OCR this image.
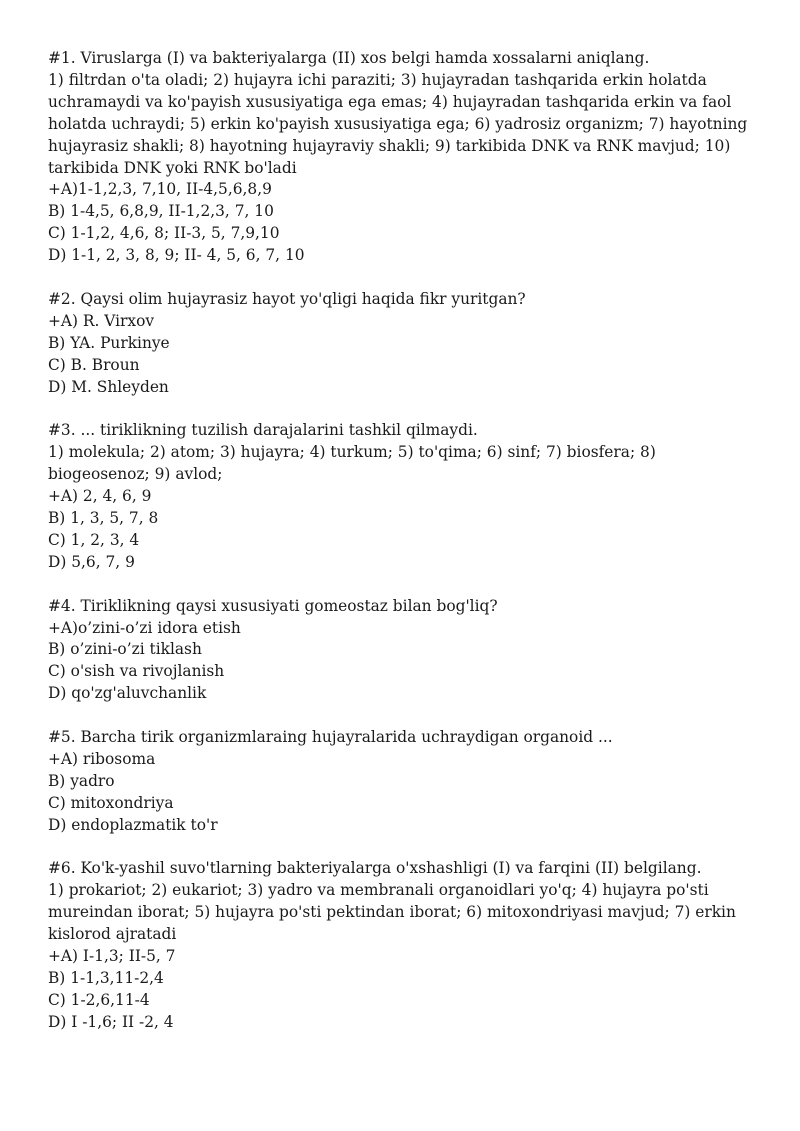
#1. Viruslarga (I) va bakteriyalarga (II) xos belgi hamda xossalarni aniqlang.
1) filtrdan o'ta oladi; 2) hujayra ichi paraziti; 3) hujayradan tashqarida erkin holatda uchramaydi va ko'payish xususiyatiga ega emas; 4) hujayradan tashqarida erkin va faol holatda uchraydi; 5) erkin ko'payish xususiyatiga ega; 6) yadrosiz organizm; 7) hayotning hujayrasiz shakli; 8) hayotning hujayraviy shakli; 9) tarkibida DNK va RNK mavjud; 10) tarkibida DNK yoki RNK bo'ladi
+A)1-1,2,3, 7,10, II-4,5,6,8,9
B) 1-4,5, 6,8,9, II-1,2,3, 7, 10
C) 1-1,2, 4,6, 8; II-3, 5, 7,9,10
D) 1-1, 2, 3, 8, 9; II- 4, 5, 6, 7, 10
#2. Qaysi olim hujayrasiz hayot yo'qligi haqida fikr yuritgan?
+A) R. Virxov
B) YA. Purkinye
C) B. Broun
D) M. Shleyden
#3. ... tiriklikning tuzilish darajalarini tashkil qilmaydi.
1) molekula; 2) atom; 3) hujayra; 4) turkum; 5) to'qima; 6) sinf; 7) biosfera; 8) biogeosenoz; 9) avlod;
+A) 2, 4, 6, 9
B) 1, 3, 5, 7, 8
C) 1, 2, 3, 4
D) 5,6, 7, 9
#4. Tiriklikning qaysi xususiyati gomeostaz bilan bog'liq?
+A)o’zini-o’zi idora etish
B) o’zini-o’zi tiklash
C) o'sish va rivojlanish
D) qo'zg'aluvchanlik
#5. Barcha tirik organizmlaraing hujayralarida uchraydigan organoid ...
+A) ribosoma
B) yadro
C) mitoxondriya
D) endoplazmatik to'r
#6. Ko'k-yashil suvo'tlarning bakteriyalarga o'xshashligi (I) va farqini (II) belgilang.
1) prokariot; 2) eukariot; 3) yadro va membranali organoidlari yo'q; 4) hujayra po'sti mureindan iborat; 5) hujayra po'sti pektindan iborat; 6) mitoxondriyasi mavjud; 7) erkin kislorod ajratadi
+A) I-1,3; II-5, 7
B) 1-1,3,11-2,4
C) 1-2,6,11-4
D) I -1,6; II -2, 4
